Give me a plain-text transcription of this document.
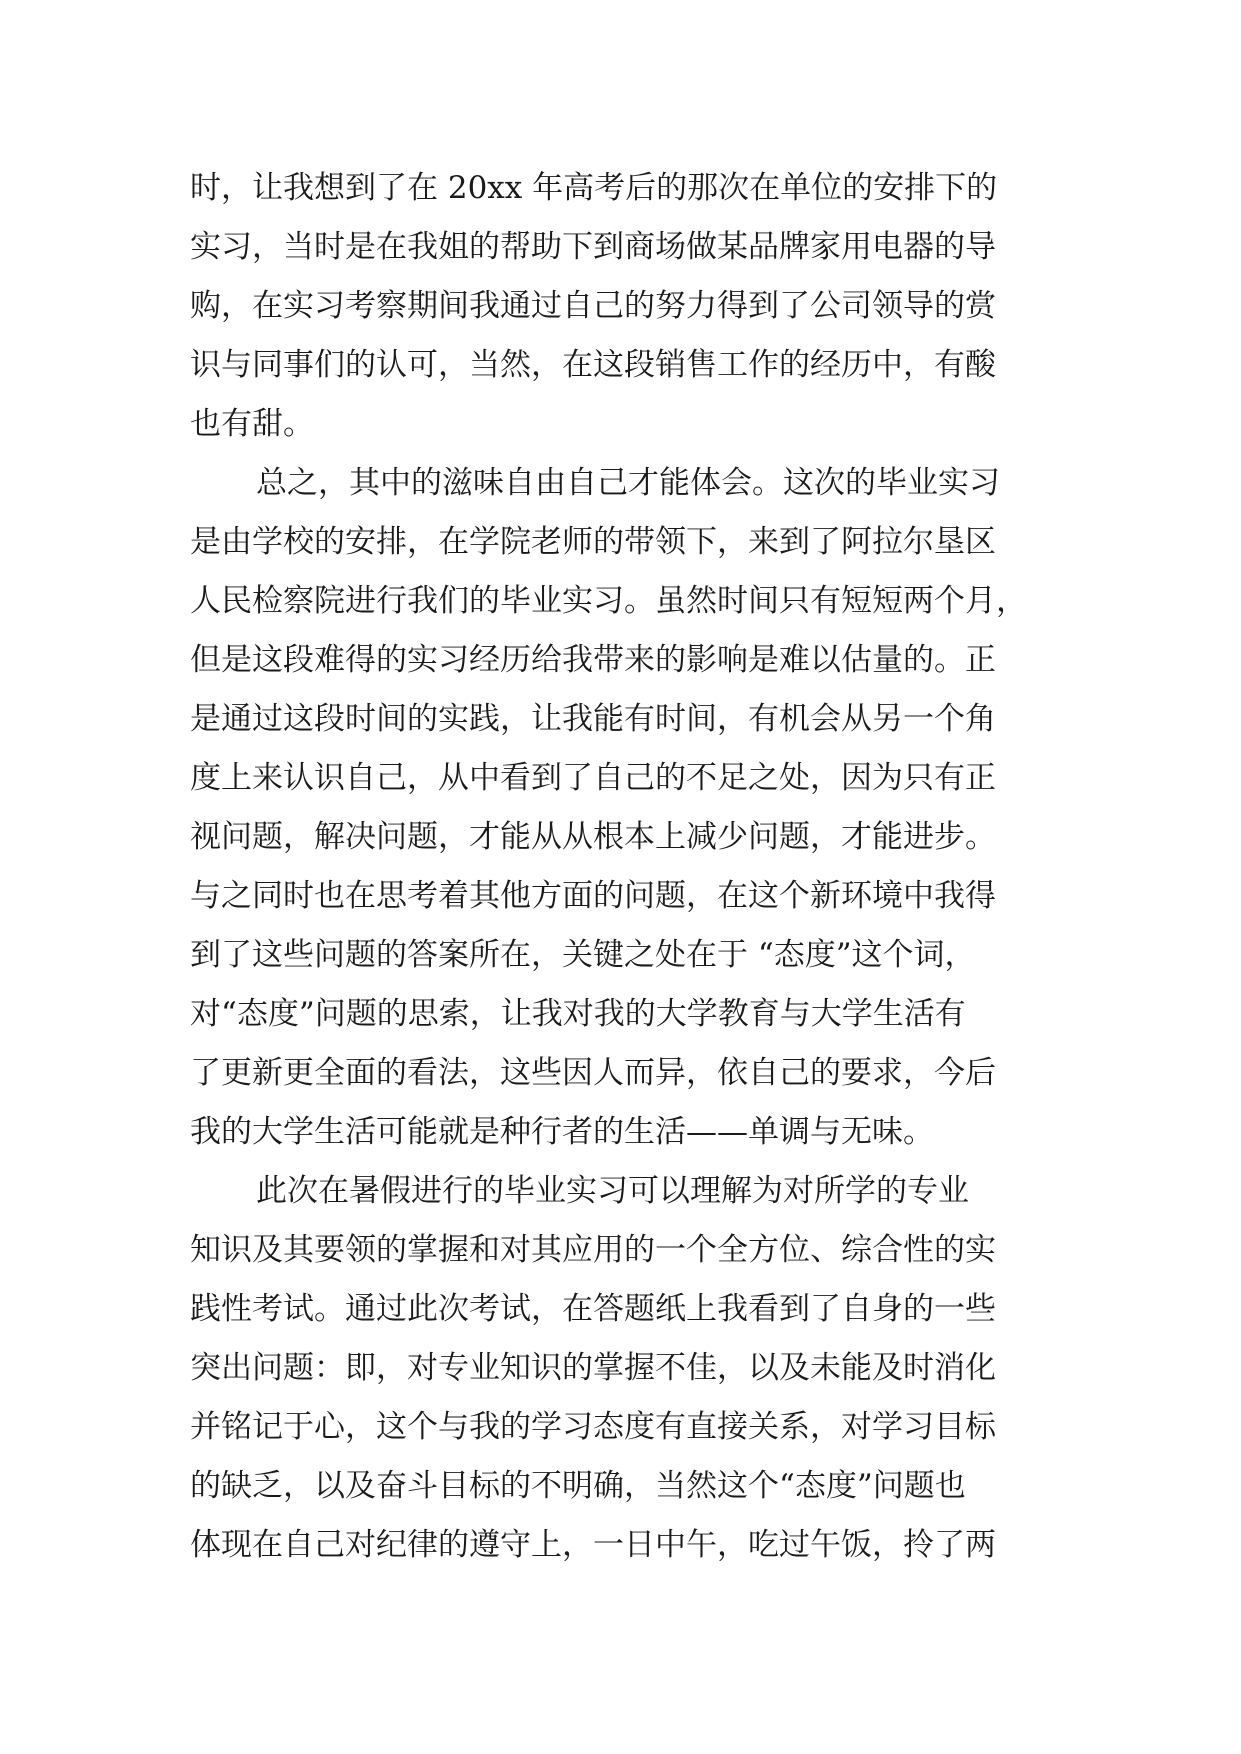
时，让我想到了在 20xx 年高考后的那次在单位的安排下的
实习，当时是在我姐的帮助下到商场做某品牌家用电器的导
购，在实习考察期间我通过自己的努力得到了公司领导的赏
识与同事们的认可，当然，在这段销售工作的经历中，有酸
也有甜。
总之，其中的滋味自由自己才能体会。这次的毕业实习
是由学校的安排，在学院老师的带领下，来到了阿拉尔垦区
人民检察院进行我们的毕业实习。虽然时间只有短短两个月，
但是这段难得的实习经历给我带来的影响是难以估量的。正
是通过这段时间的实践，让我能有时间，有机会从另一个角
度上来认识自己，从中看到了自己的不足之处，因为只有正
视问题，解决问题，才能从从根本上减少问题，才能进步。
与之同时也在思考着其他方面的问题，在这个新环境中我得
到了这些问题的答案所在，关键之处在于 “态度”这个词，
对“态度”问题的思索，让我对我的大学教育与大学生活有
了更新更全面的看法，这些因人而异，依自己的要求，今后
我的大学生活可能就是种行者的生活——单调与无味。
此次在暑假进行的毕业实习可以理解为对所学的专业
知识及其要领的掌握和对其应用的一个全方位、综合性的实
践性考试。通过此次考试，在答题纸上我看到了自身的一些
突出问题：即，对专业知识的掌握不佳，以及未能及时消化
并铭记于心，这个与我的学习态度有直接关系，对学习目标
的缺乏，以及奋斗目标的不明确，当然这个“态度”问题也
体现在自己对纪律的遵守上，一日中午，吃过午饭，拎了两
